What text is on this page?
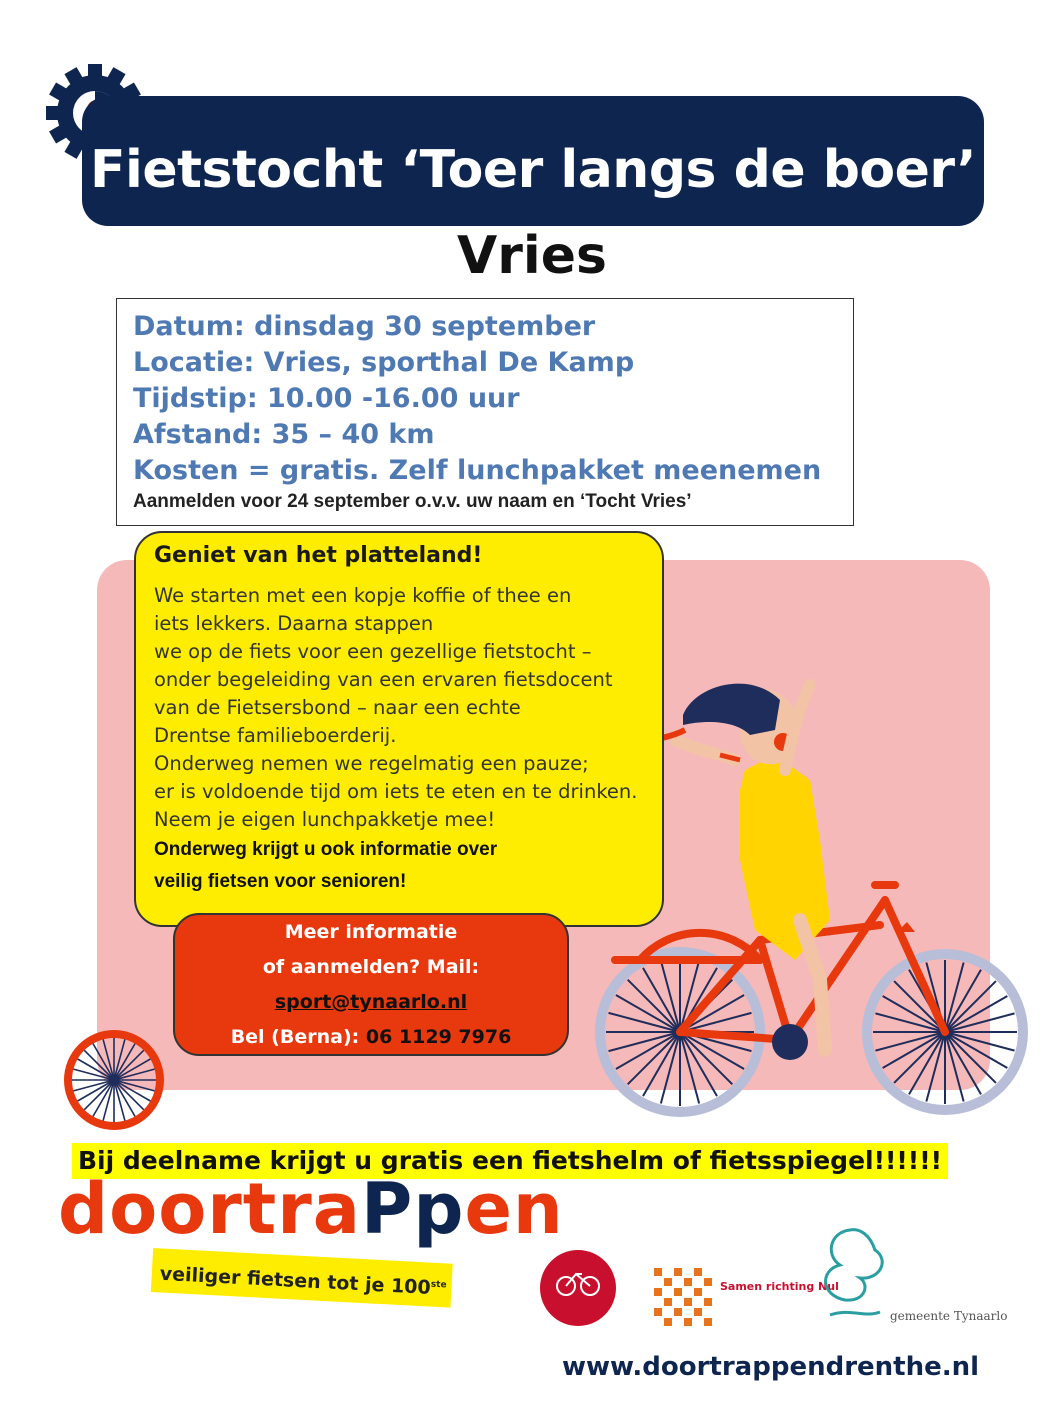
Fietstocht ‘Toer langs de boer’
Vries
Datum: dinsdag 30 september
Locatie: Vries, sporthal De Kamp
Tijdstip: 10.00 -16.00 uur
Afstand: 35 – 40 km
Kosten = gratis. Zelf lunchpakket meenemen
Aanmelden voor 24 september o.v.v. uw naam en ‘Tocht Vries’
Geniet van het platteland!
We starten met een kopje koffie of thee en
iets lekkers. Daarna stappen
we op de fiets voor een gezellige fietstocht –
onder begeleiding van een ervaren fietsdocent
van de Fietsersbond – naar een echte
Drentse familieboerderij.
Onderweg nemen we regelmatig een pauze;
er is voldoende tijd om iets te eten en te drinken.
Neem je eigen lunchpakketje mee!
Onderweg krijgt u ook informatie over
veilig fietsen voor senioren!
Meer informatie
of aanmelden? Mail:
sport@tynaarlo.nl
Bel (Berna): 06 1129 7976
Bij deelname krijgt u gratis een fietshelm of fietsspiegel!!!!!!
doortraPpen
veiliger fietsen tot je 100ste	Samen richting Nul
gemeente Tynaarlo
www.doortrappendrenthe.nl
